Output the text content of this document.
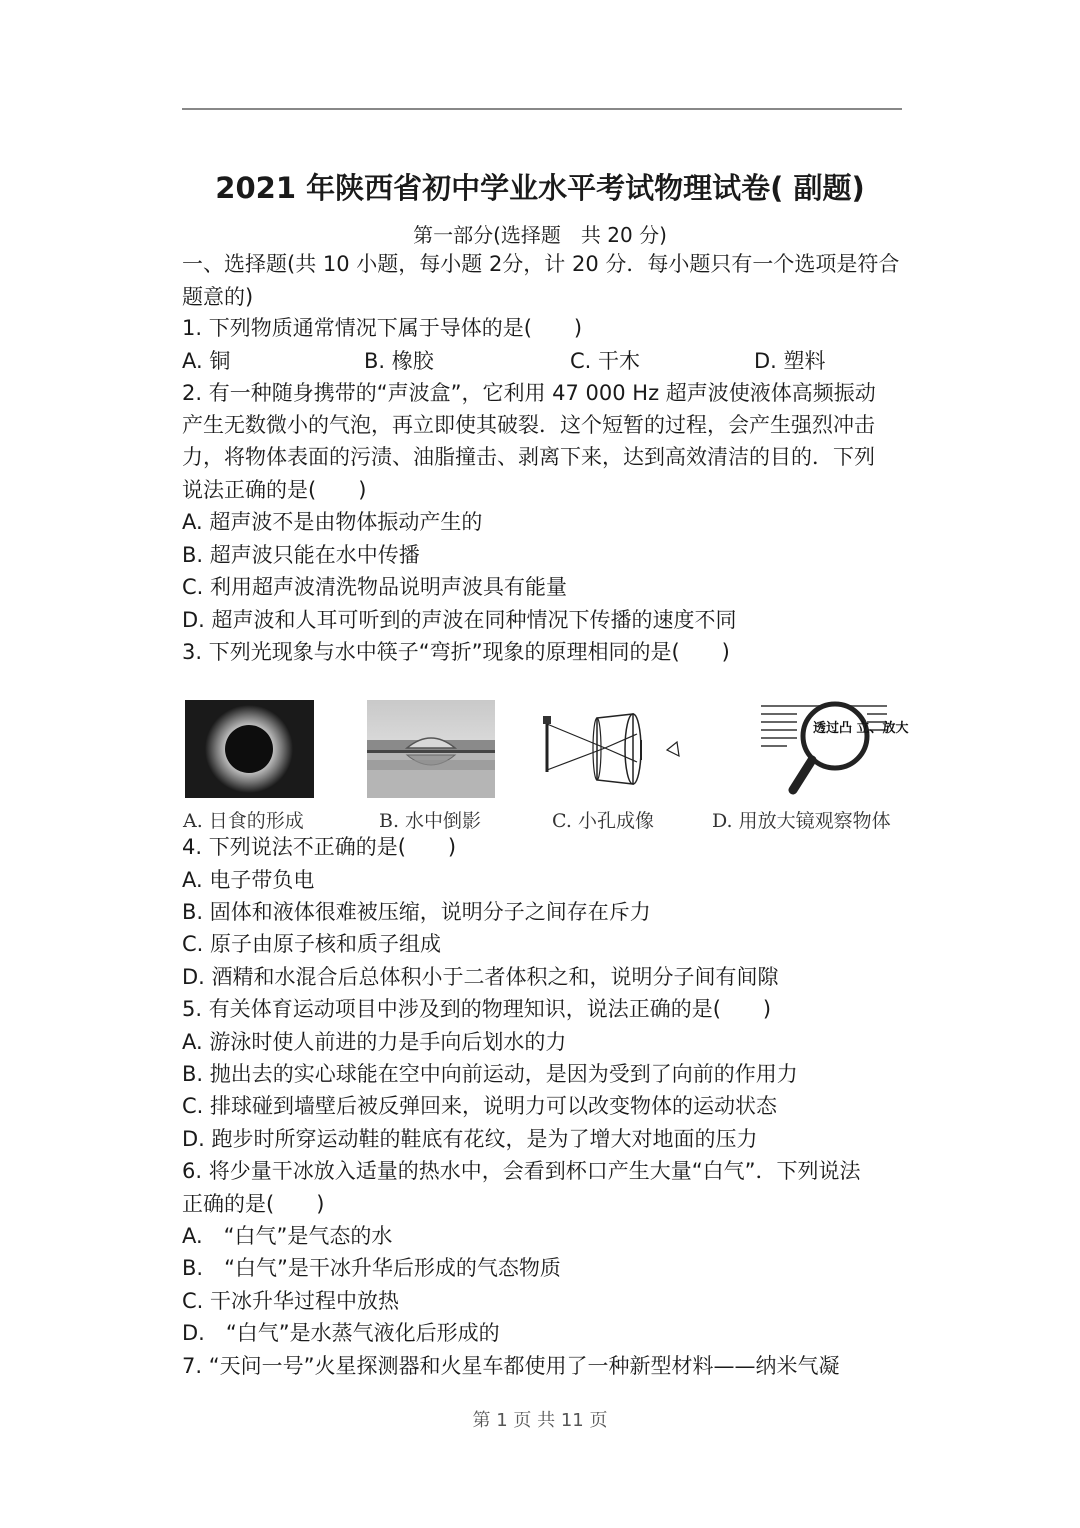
2021 年陕西省初中学业水平考试物理试卷( 副题)
第一部分(选择题　共 20 分)
一、选择题(共 10 小题，每小题 2分，计 20 分．每小题只有一个选项是符合
题意的)
1. 下列物质通常情况下属于导体的是(　　)
A. 铜	B. 橡胶	C. 干木	D. 塑料
2. 有一种随身携带的“声波盒”，它利用 47 000 Hz 超声波使液体高频振动
产生无数微小的气泡，再立即使其破裂．这个短暂的过程，会产生强烈冲击
力，将物体表面的污渍、油脂撞击、剥离下来，达到高效清洁的目的．下列
说法正确的是(　　)
A. 超声波不是由物体振动产生的
B. 超声波只能在水中传播
C. 利用超声波清洗物品说明声波具有能量
D. 超声波和人耳可听到的声波在同种情况下传播的速度不同
3. 下列光现象与水中筷子“弯折”现象的原理相同的是(　　)
透过凸 立、放大
A. 日食的形成	B. 水中倒影	C. 小孔成像	D. 用放大镜观察物体
4. 下列说法不正确的是(　　)
A. 电子带负电
B. 固体和液体很难被压缩，说明分子之间存在斥力
C. 原子由原子核和质子组成
D. 酒精和水混合后总体积小于二者体积之和，说明分子间有间隙
5. 有关体育运动项目中涉及到的物理知识，说法正确的是(　　)
A. 游泳时使人前进的力是手向后划水的力
B. 抛出去的实心球能在空中向前运动，是因为受到了向前的作用力
C. 排球碰到墙壁后被反弹回来，说明力可以改变物体的运动状态
D. 跑步时所穿运动鞋的鞋底有花纹，是为了增大对地面的压力
6. 将少量干冰放入适量的热水中，会看到杯口产生大量“白气”．下列说法
正确的是(　　)
A.　“白气”是气态的水
B.　“白气”是干冰升华后形成的气态物质
C. 干冰升华过程中放热
D.　“白气”是水蒸气液化后形成的
7. “天问一号”火星探测器和火星车都使用了一种新型材料——纳米气凝
第 1 页 共 11 页
